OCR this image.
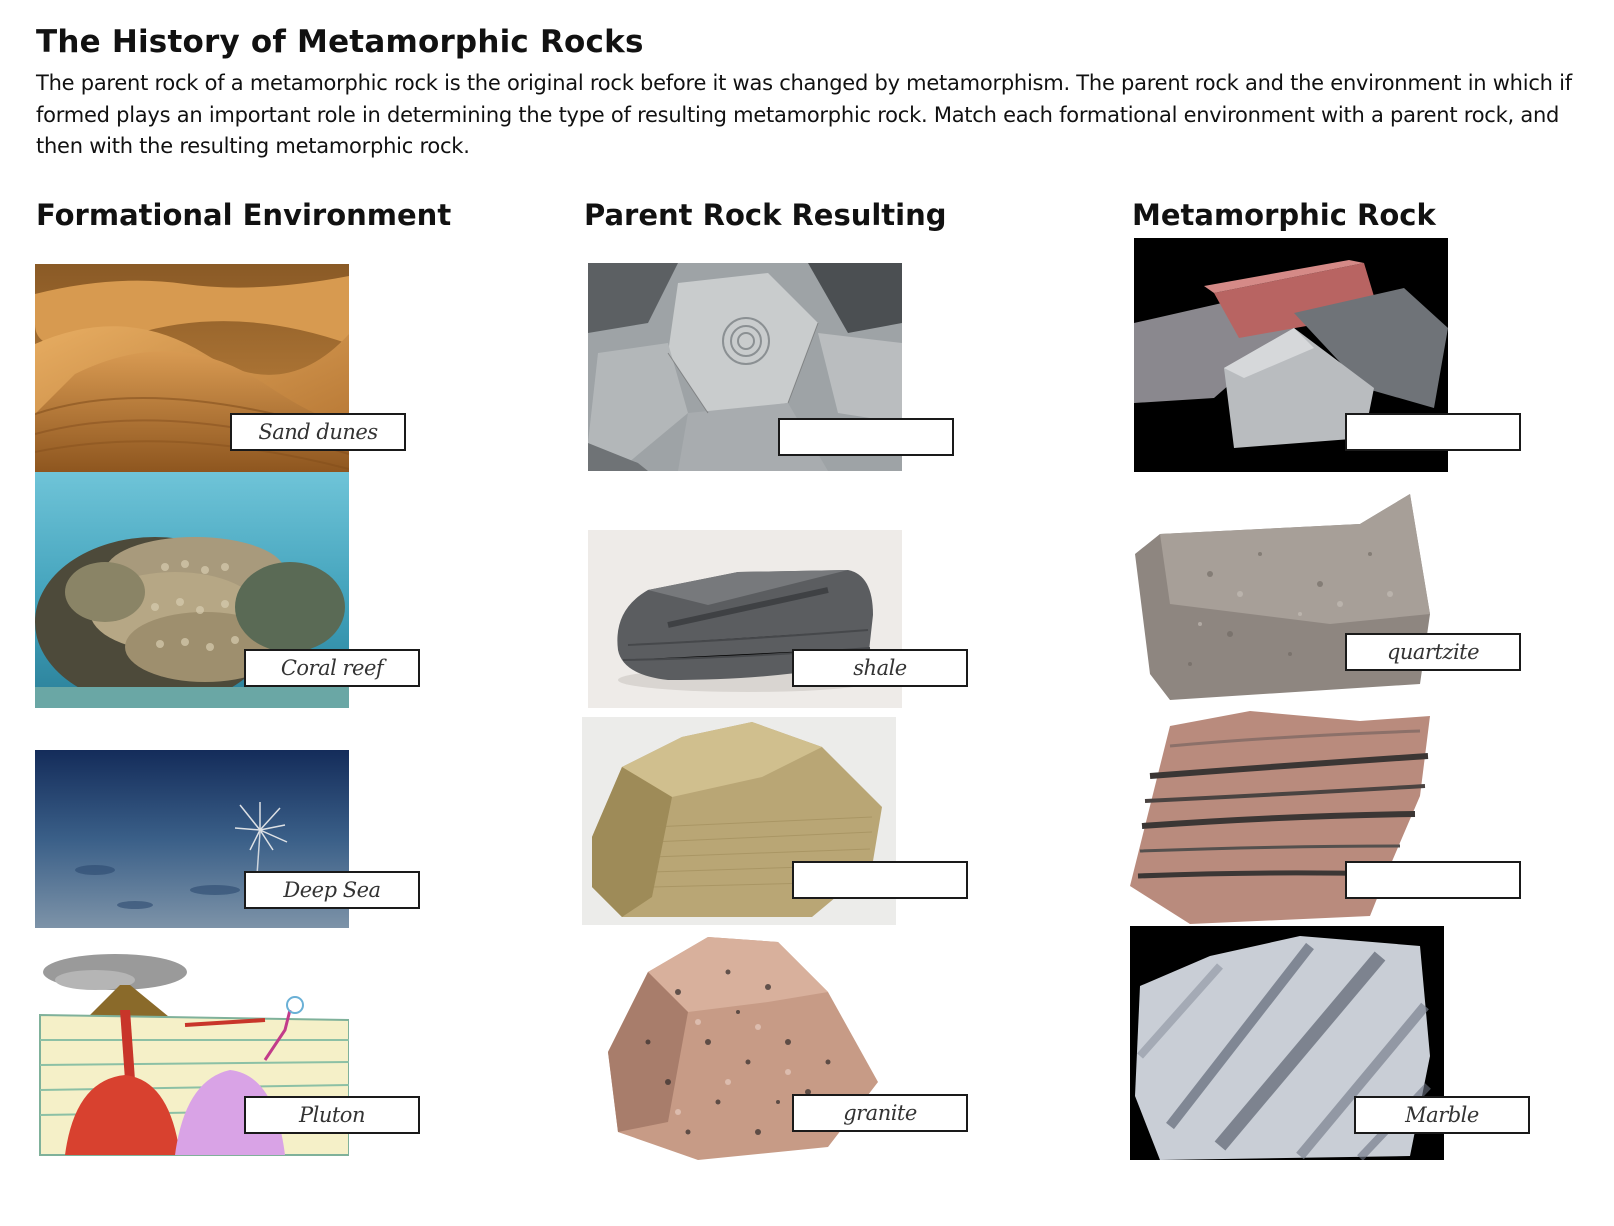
The History of Metamorphic Rocks
The parent rock of a metamorphic rock is the original rock before it was changed by metamorphism. The parent rock and the environment in which if formed plays an important role in determining the type of resulting metamorphic rock. Match each formational environment with a parent rock, and then with the resulting metamorphic rock.
Formational Environment	Parent Rock Resulting	Metamorphic Rock
Sand dunes
Coral reef
Deep Sea
Pluton
shale
granite
quartzite
Marble
